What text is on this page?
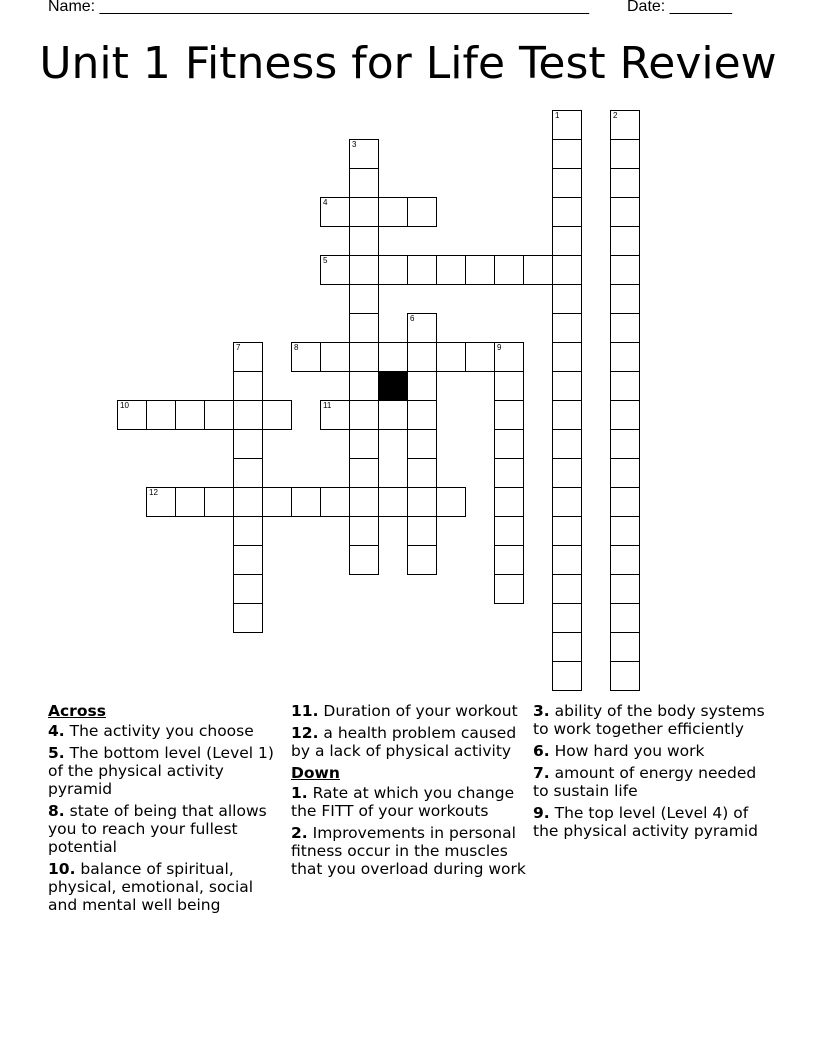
Name: _______________________________________________________ Date: _______
Unit 1 Fitness for Life Test Review
1	2
3
4
5
6
7	8	9
10	11
12
Across
4. The activity you choose
5. The bottom level (Level 1) of the physical activity pyramid
8. state of being that allows you to reach your fullest potential
10. balance of spiritual, physical, emotional, social and mental well being
11. Duration of your workout
12. a health problem caused by a lack of physical activity
Down
1. Rate at which you change the FITT of your workouts
2. Improvements in personal fitness occur in the muscles that you overload during work
3. ability of the body systems to work together efficiently
6. How hard you work
7. amount of energy needed to sustain life
9. The top level (Level 4) of the physical activity pyramid
